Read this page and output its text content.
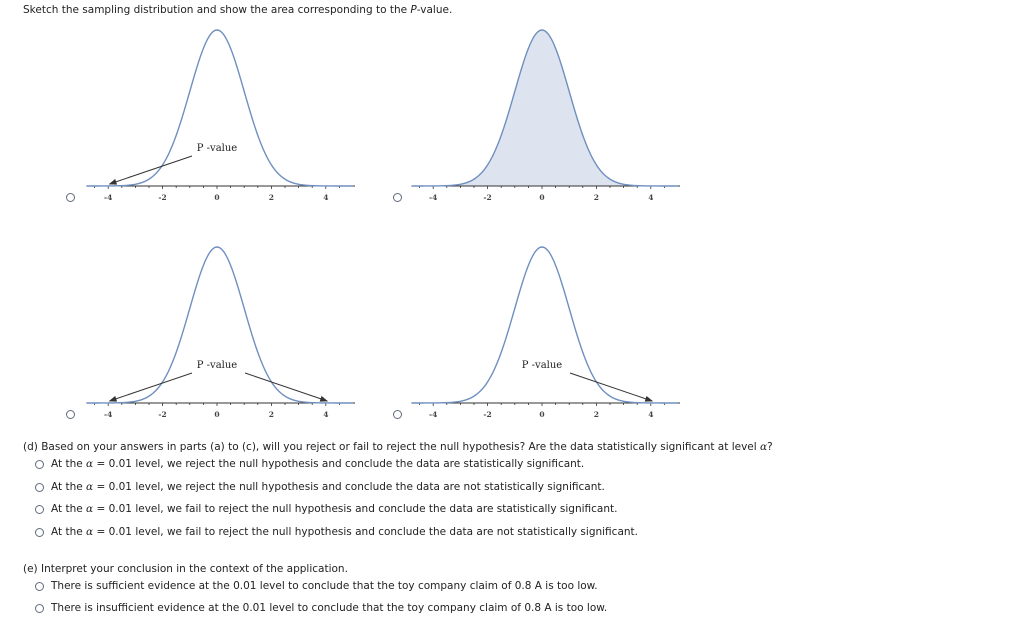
Sketch the sampling distribution and show the area corresponding to the P-value.
-4	-2	0	2	4
P -value
-4	-2	0	2	4
-4	-2	0	2	4
P -value
-4	-2	0	2	4
P -value
(d) Based on your answers in parts (a) to (c), will you reject or fail to reject the null hypothesis? Are the data statistically significant at level α?
At the α = 0.01 level, we reject the null hypothesis and conclude the data are statistically significant.
At the α = 0.01 level, we reject the null hypothesis and conclude the data are not statistically significant.
At the α = 0.01 level, we fail to reject the null hypothesis and conclude the data are statistically significant.
At the α = 0.01 level, we fail to reject the null hypothesis and conclude the data are not statistically significant.
(e) Interpret your conclusion in the context of the application.
There is sufficient evidence at the 0.01 level to conclude that the toy company claim of 0.8 A is too low.
There is insufficient evidence at the 0.01 level to conclude that the toy company claim of 0.8 A is too low.
